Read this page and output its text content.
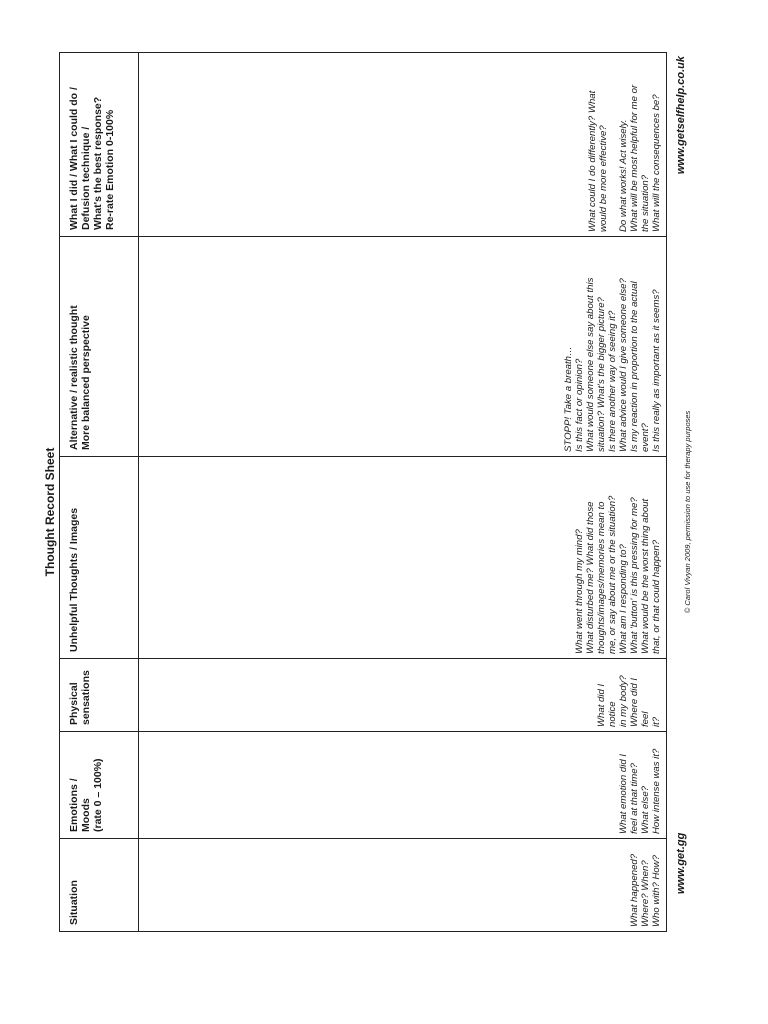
Thought Record Sheet
Situation
Emotions / Moods (rate 0 – 100%)
Physical sensations
Unhelpful Thoughts / Images
Alternative / realistic thought More balanced perspective
What I did / What I could do / Defusion technique / What's the best response? Re-rate Emotion 0-100%
What happened? Where? When? Who with? How?
What emotion did I feel at that time? What else? How intense was it?
What did I notice in my body? Where did I feel it?
What went through my mind? What disturbed me? What did those thoughts/images/memories mean to me, or say about me or the situation? What am I responding to? What 'button' is this pressing for me? What would be the worst thing about that, or that could happen?
STOPP! Take a breath… Is this fact or opinion? What would someone else say about this situation? What's the bigger picture? Is there another way of seeing it? What advice would I give someone else? Is my reaction in proportion to the actual event? Is this really as important as it seems?
What could I do differently? What would be more effective? Do what works! Act wisely. What will be most helpful for me or the situation? What will the consequences be?
www.get.gg
© Carol Vivyan 2009, permission to use for therapy purposes
www.getselfhelp.co.uk
